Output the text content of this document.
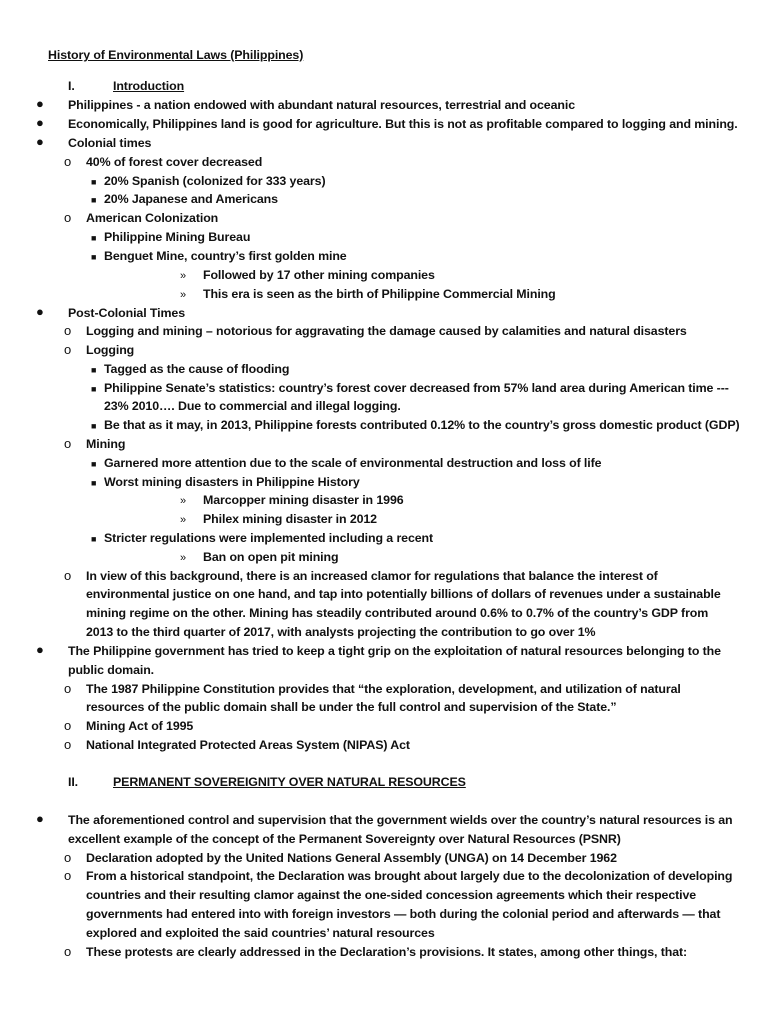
History of Environmental Laws (Philippines)
I.	Introduction
● Philippines - a nation endowed with abundant natural resources, terrestrial and oceanic
● Economically, Philippines land is good for agriculture. But this is not as profitable compared to logging and mining.
● Colonial times
o 40% of forest cover decreased
■ 20% Spanish (colonized for 333 years)
■ 20% Japanese and Americans
o American Colonization
■ Philippine Mining Bureau
■ Benguet Mine, country’s first golden mine
» Followed by 17 other mining companies
» This era is seen as the birth of Philippine Commercial Mining
● Post-Colonial Times
o Logging and mining – notorious for aggravating the damage caused by calamities and natural disasters
o Logging
■ Tagged as the cause of flooding
■ Philippine Senate’s statistics: country’s forest cover decreased from 57% land area during American time ---
23% 2010…. Due to commercial and illegal logging.
■ Be that as it may, in 2013, Philippine forests contributed 0.12% to the country’s gross domestic product (GDP)
o Mining
■ Garnered more attention due to the scale of environmental destruction and loss of life
■ Worst mining disasters in Philippine History
» Marcopper mining disaster in 1996
» Philex mining disaster in 2012
■ Stricter regulations were implemented including a recent
» Ban on open pit mining
o In view of this background, there is an increased clamor for regulations that balance the interest of
environmental justice on one hand, and tap into potentially billions of dollars of revenues under a sustainable
mining regime on the other. Mining has steadily contributed around 0.6% to 0.7% of the country’s GDP from
2013 to the third quarter of 2017, with analysts projecting the contribution to go over 1%
● The Philippine government has tried to keep a tight grip on the exploitation of natural resources belonging to the
public domain.
o The 1987 Philippine Constitution provides that “the exploration, development, and utilization of natural
resources of the public domain shall be under the full control and supervision of the State.”
o Mining Act of 1995
o National Integrated Protected Areas System (NIPAS) Act
II.	PERMANENT SOVEREIGNITY OVER NATURAL RESOURCES
● The aforementioned control and supervision that the government wields over the country’s natural resources is an
excellent example of the concept of the Permanent Sovereignty over Natural Resources (PSNR)
o Declaration adopted by the United Nations General Assembly (UNGA) on 14 December 1962
o From a historical standpoint, the Declaration was brought about largely due to the decolonization of developing
countries and their resulting clamor against the one-sided concession agreements which their respective
governments had entered into with foreign investors — both during the colonial period and afterwards — that
explored and exploited the said countries’ natural resources
o These protests are clearly addressed in the Declaration’s provisions. It states, among other things, that:
